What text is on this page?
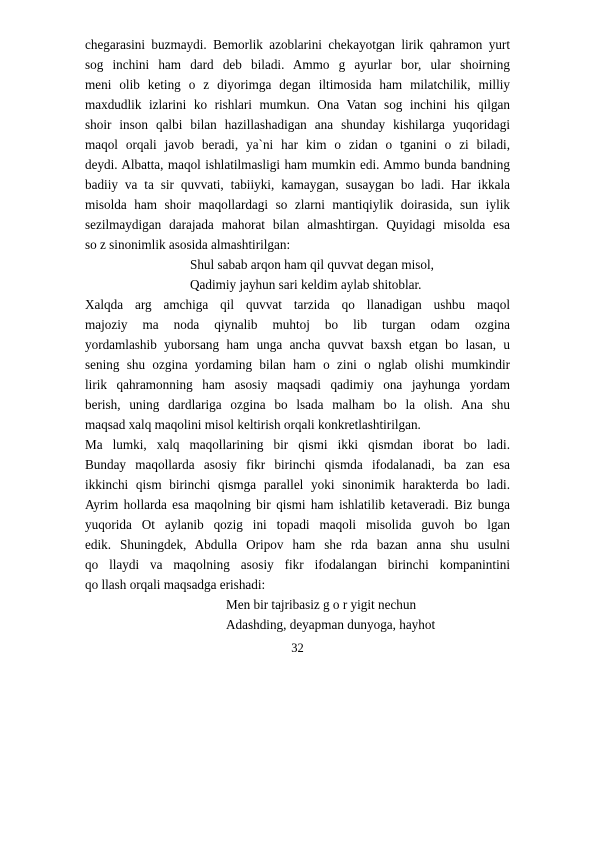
chegarasini buzmaydi. Bemorlik azoblarini chekayotgan lirik qahramon yurt
sog inchini ham dard deb biladi. Ammo g ayurlar bor, ular shoirning
meni olib keting o z diyorimga degan iltimosida ham milatchilik, milliy
maxdudlik izlarini ko rishlari mumkun. Ona Vatan sog inchini his qilgan
shoir inson qalbi bilan hazillashadigan ana shunday kishilarga yuqoridagi
maqol orqali javob beradi, ya`ni har kim o zidan o tganini o zi biladi,
deydi. Albatta, maqol ishlatilmasligi ham mumkin edi. Ammo bunda bandning
badiiy va ta sir quvvati, tabiiyki, kamaygan, susaygan bo ladi. Har ikkala
misolda ham shoir maqollardagi so zlarni mantiqiylik doirasida, sun iylik
sezilmaydigan darajada mahorat bilan almashtirgan. Quyidagi misolda esa
so z sinonimlik asosida almashtirilgan:
Shul sabab arqon ham qil quvvat degan misol,
Qadimiy jayhun sari keldim aylab shitoblar.
Xalqda arg amchiga qil quvvat tarzida qo llanadigan ushbu maqol
majoziy ma noda qiynalib muhtoj bo lib turgan odam ozgina
yordamlashib yuborsang ham unga ancha quvvat baxsh etgan bo lasan, u
sening shu ozgina yordaming bilan ham o zini o nglab olishi mumkindir
lirik qahramonning ham asosiy maqsadi qadimiy ona jayhunga yordam
berish, uning dardlariga ozgina bo lsada malham bo la olish. Ana shu
maqsad xalq maqolini misol keltirish orqali konkretlashtirilgan.
Ma lumki, xalq maqollarining bir qismi ikki qismdan iborat bo ladi.
Bunday maqollarda asosiy fikr birinchi qismda ifodalanadi, ba zan esa
ikkinchi qism birinchi qismga parallel yoki sinonimik harakterda bo ladi.
Ayrim hollarda esa maqolning bir qismi ham ishlatilib ketaveradi. Biz bunga
yuqorida Ot aylanib qozig ini topadi maqoli misolida guvoh bo lgan
edik. Shuningdek, Abdulla Oripov ham she rda bazan anna shu usulni
qo llaydi va maqolning asosiy fikr ifodalangan birinchi kompanintini
qo llash orqali maqsadga erishadi:
Men bir tajribasiz g o r yigit nechun
Adashding, deyapman dunyoga, hayhot
32
